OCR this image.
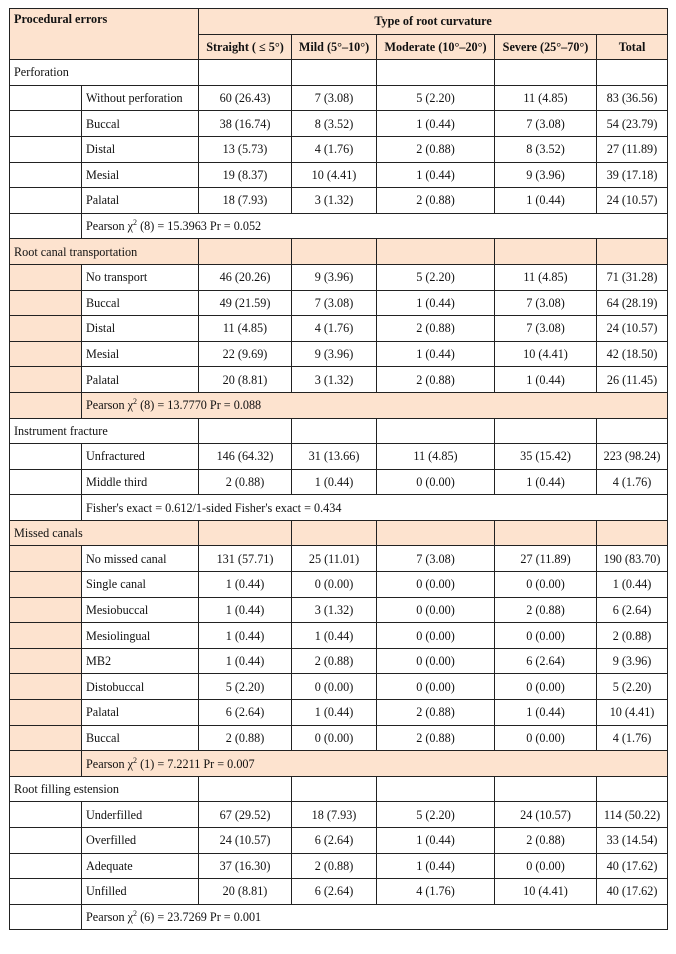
Procedural errors		Type of root curvature				
		Straight ( ≤ 5°)	Mild (5°–10°)	Moderate (10°–20°)	Severe (25°–70°)	Total
Perforation						
	Without perforation	60 (26.43)	7 (3.08)	5 (2.20)	11 (4.85)	83 (36.56)
	Buccal	38 (16.74)	8 (3.52)	1 (0.44)	7 (3.08)	54 (23.79)
	Distal	13 (5.73)	4 (1.76)	2 (0.88)	8 (3.52)	27 (11.89)
	Mesial	19 (8.37)	10 (4.41)	1 (0.44)	9 (3.96)	39 (17.18)
	Palatal	18 (7.93)	3 (1.32)	2 (0.88)	1 (0.44)	24 (10.57)
	Pearson $\chi^2$ (8) = 15.3963 Pr = 0.052					
Root canal transportation						
	No transport	46 (20.26)	9 (3.96)	5 (2.20)	11 (4.85)	71 (31.28)
	Buccal	49 (21.59)	7 (3.08)	1 (0.44)	7 (3.08)	64 (28.19)
	Distal	11 (4.85)	4 (1.76)	2 (0.88)	7 (3.08)	24 (10.57)
	Mesial	22 (9.69)	9 (3.96)	1 (0.44)	10 (4.41)	42 (18.50)
	Palatal	20 (8.81)	3 (1.32)	2 (0.88)	1 (0.44)	26 (11.45)
	Pearson $\chi^2$ (8) = 13.7770 Pr = 0.088					
Instrument fracture						
	Unfractured	146 (64.32)	31 (13.66)	11 (4.85)	35 (15.42)	223 (98.24)
	Middle third	2 (0.88)	1 (0.44)	0 (0.00)	1 (0.44)	4 (1.76)
	Fisher's exact = 0.612/1-sided Fisher's exact = 0.434					
Missed canals						
	No missed canal	131 (57.71)	25 (11.01)	7 (3.08)	27 (11.89)	190 (83.70)
	Single canal	1 (0.44)	0 (0.00)	0 (0.00)	0 (0.00)	1 (0.44)
	Mesiobuccal	1 (0.44)	3 (1.32)	0 (0.00)	2 (0.88)	6 (2.64)
	Mesiolingual	1 (0.44)	1 (0.44)	0 (0.00)	0 (0.00)	2 (0.88)
	MB2	1 (0.44)	2 (0.88)	0 (0.00)	6 (2.64)	9 (3.96)
	Distobuccal	5 (2.20)	0 (0.00)	0 (0.00)	0 (0.00)	5 (2.20)
	Palatal	6 (2.64)	1 (0.44)	2 (0.88)	1 (0.44)	10 (4.41)
	Buccal	2 (0.88)	0 (0.00)	2 (0.88)	0 (0.00)	4 (1.76)
	Pearson $\chi^2$ (1) = 7.2211 Pr = 0.007					
Root filling estension						
	Underfilled	67 (29.52)	18 (7.93)	5 (2.20)	24 (10.57)	114 (50.22)
	Overfilled	24 (10.57)	6 (2.64)	1 (0.44)	2 (0.88)	33 (14.54)
	Adequate	37 (16.30)	2 (0.88)	1 (0.44)	0 (0.00)	40 (17.62)
	Unfilled	20 (8.81)	6 (2.64)	4 (1.76)	10 (4.41)	40 (17.62)
	Pearson $\chi^2$ (6) = 23.7269 Pr = 0.001					
